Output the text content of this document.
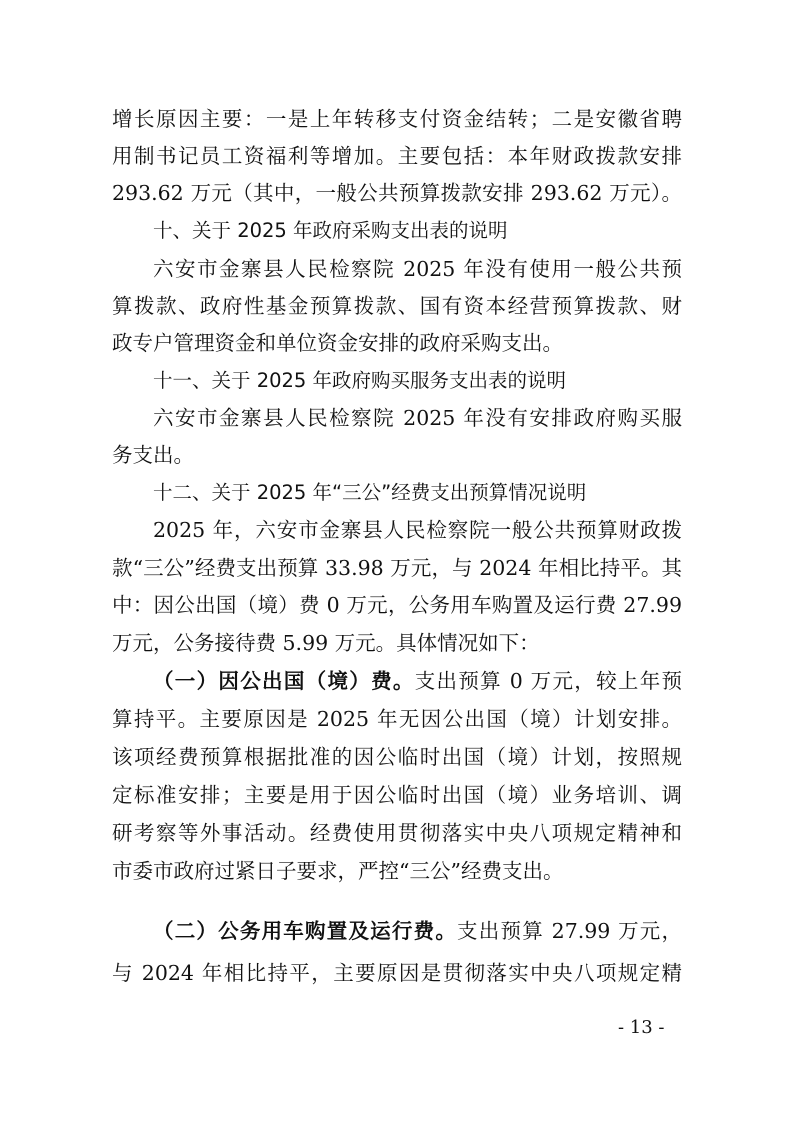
增长原因主要：一是上年转移支付资金结转；二是安徽省聘
用制书记员工资福利等增加。主要包括：本年财政拨款安排
293.62 万元（其中，一般公共预算拨款安排 293.62 万元）。
十、关于 2025 年政府采购支出表的说明
六安市金寨县人民检察院 2025 年没有使用一般公共预
算拨款、政府性基金预算拨款、国有资本经营预算拨款、财
政专户管理资金和单位资金安排的政府采购支出。
十一、关于 2025 年政府购买服务支出表的说明
六安市金寨县人民检察院 2025 年没有安排政府购买服
务支出。
十二、关于 2025 年“三公”经费支出预算情况说明
2025 年，六安市金寨县人民检察院一般公共预算财政拨
款“三公”经费支出预算 33.98 万元，与 2024 年相比持平。其
中：因公出国（境）费 0 万元，公务用车购置及运行费 27.99
万元，公务接待费 5.99 万元。具体情况如下：
（一）因公出国（境）费。支出预算 0 万元，较上年预
算持平。主要原因是 2025 年无因公出国（境）计划安排。
该项经费预算根据批准的因公临时出国（境）计划，按照规
定标准安排；主要是用于因公临时出国（境）业务培训、调
研考察等外事活动。经费使用贯彻落实中央八项规定精神和
市委市政府过紧日子要求，严控“三公”经费支出。
（二）公务用车购置及运行费。支出预算 27.99 万元，
与 2024 年相比持平，主要原因是贯彻落实中央八项规定精
- 13 -
